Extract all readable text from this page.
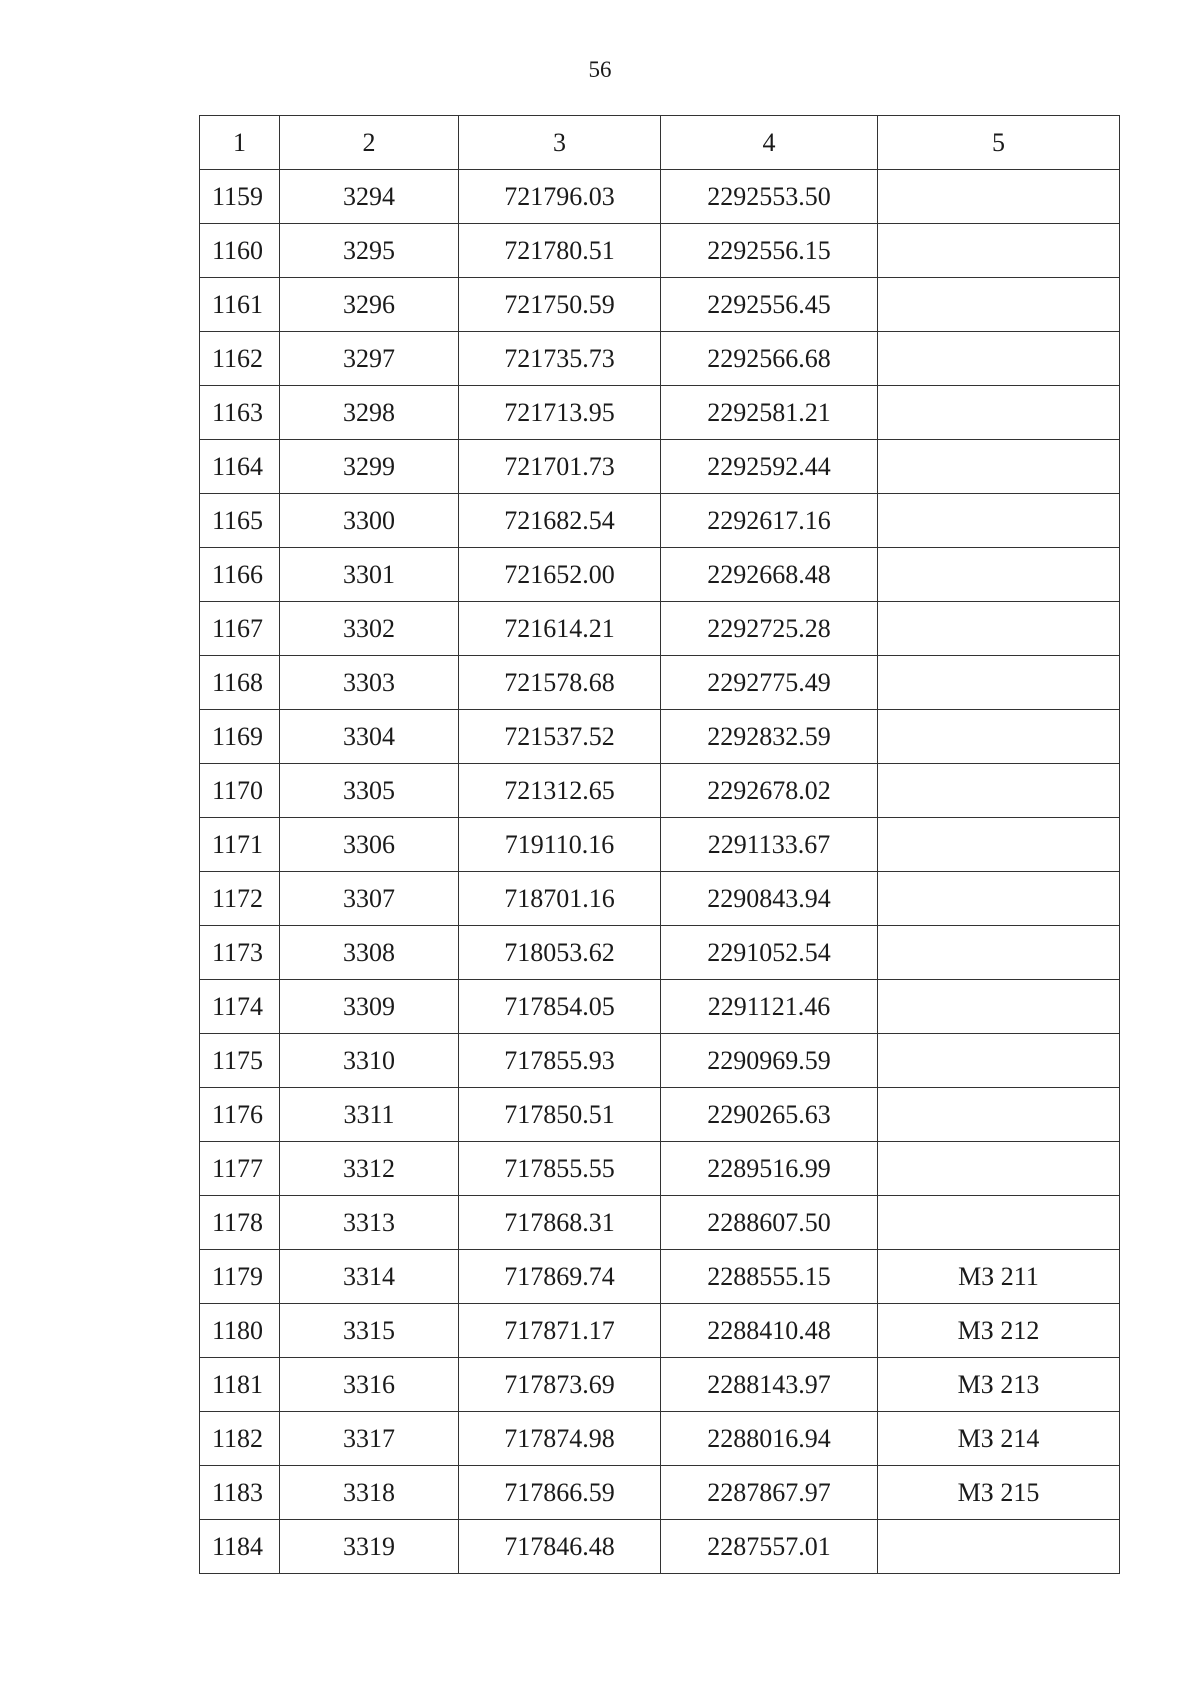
56
1	2	3	4	5
1159	3294	721796.03	2292553.50	
1160	3295	721780.51	2292556.15	
1161	3296	721750.59	2292556.45	
1162	3297	721735.73	2292566.68	
1163	3298	721713.95	2292581.21	
1164	3299	721701.73	2292592.44	
1165	3300	721682.54	2292617.16	
1166	3301	721652.00	2292668.48	
1167	3302	721614.21	2292725.28	
1168	3303	721578.68	2292775.49	
1169	3304	721537.52	2292832.59	
1170	3305	721312.65	2292678.02	
1171	3306	719110.16	2291133.67	
1172	3307	718701.16	2290843.94	
1173	3308	718053.62	2291052.54	
1174	3309	717854.05	2291121.46	
1175	3310	717855.93	2290969.59	
1176	3311	717850.51	2290265.63	
1177	3312	717855.55	2289516.99	
1178	3313	717868.31	2288607.50	
1179	3314	717869.74	2288555.15	МЗ 211
1180	3315	717871.17	2288410.48	МЗ 212
1181	3316	717873.69	2288143.97	МЗ 213
1182	3317	717874.98	2288016.94	МЗ 214
1183	3318	717866.59	2287867.97	МЗ 215
1184	3319	717846.48	2287557.01	
